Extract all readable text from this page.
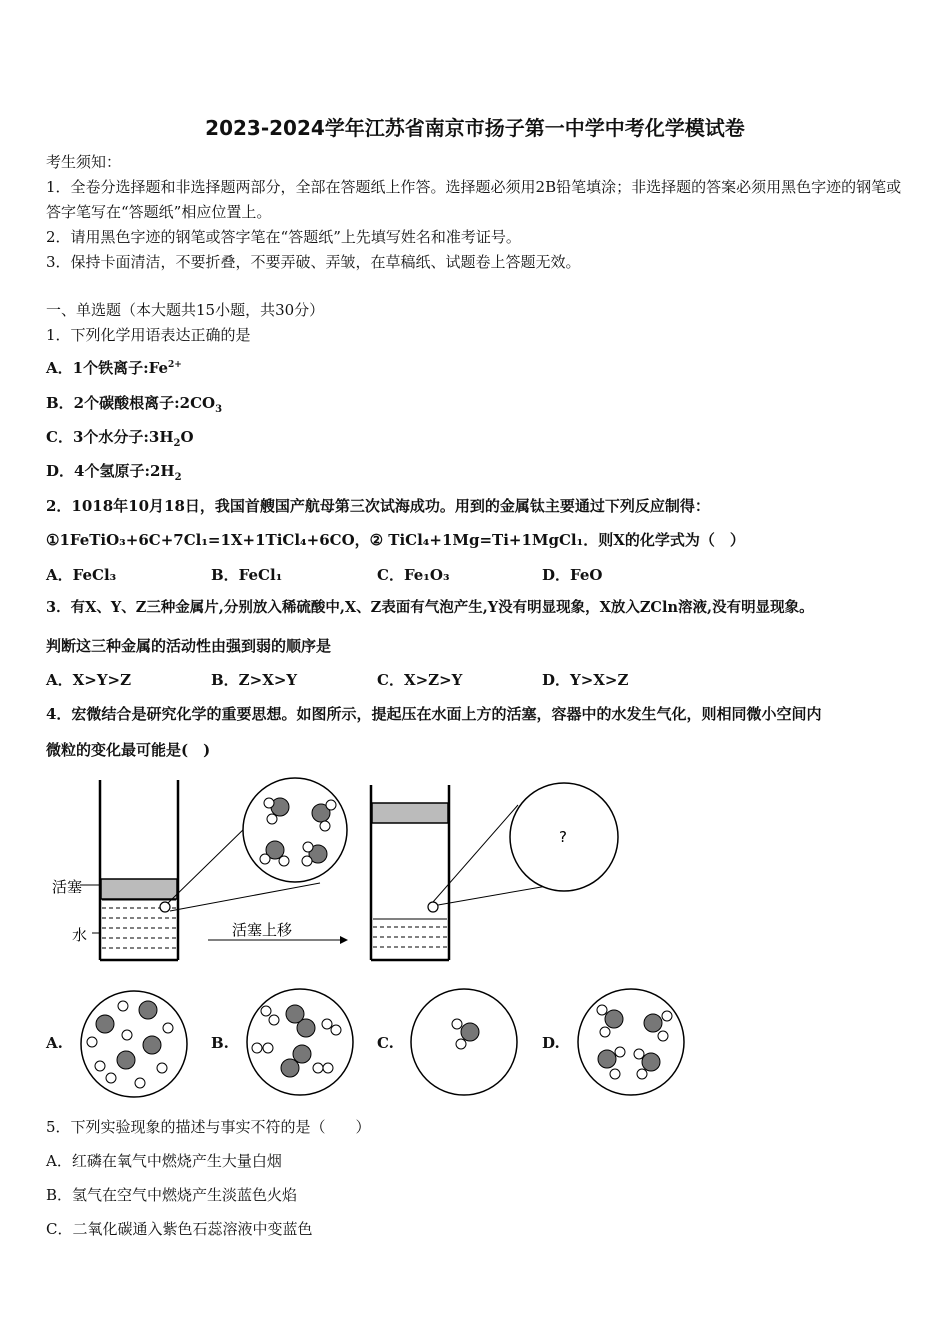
2023-2024学年江苏省南京市扬子第一中学中考化学模试卷
考生须知：
1．全卷分选择题和非选择题两部分，全部在答题纸上作答。选择题必须用2B铅笔填涂；非选择题的答案必须用黑色字迹的钢笔或答字笔写在“答题纸”相应位置上。
2．请用黑色字迹的钢笔或答字笔在“答题纸”上先填写姓名和准考证号。
3．保持卡面清洁，不要折叠，不要弄破、弄皱，在草稿纸、试题卷上答题无效。
一、单选题（本大题共15小题，共30分）
1．下列化学用语表达正确的是
A．1个铁离子$:Fe^{2+}$
B．2个碳酸根离子$:2CO_3$
C．3个水分子$:3H_2O$
D．4个氢原子$:2H_2$
2．1018年10月18日，我国首艘国产航母第三次试海成功。用到的金属钛主要通过下列反应制得：
①1FeTiO₃+6C+7Cl₁=1X+1TiCl₄+6CO，② TiCl₄+1Mg=Ti+1MgCl₁．则X的化学式为（　）
A．FeCl₃	B．FeCl₁	C．Fe₁O₃	D．FeO
3．有X、Y、Z三种金属片,分别放入稀硫酸中,X、Z表面有气泡产生,Y没有明显现象，X放入ZCln溶液,没有明显现象。
判断这三种金属的活动性由强到弱的顺序是
A．X>Y>Z	B．Z>X>Y	C．X>Z>Y	D．Y>X>Z
4．宏微结合是研究化学的重要思想。如图所示，提起压在水面上方的活塞，容器中的水发生气化，则相同微小空间内
微粒的变化最可能是(　)
活塞
水	活塞上移
?
A.	B.	C.	D.
5．下列实验现象的描述与事实不符的是（　　）
A．红磷在氧气中燃烧产生大量白烟
B．氢气在空气中燃烧产生淡蓝色火焰
C．二氧化碳通入紫色石蕊溶液中变蓝色
